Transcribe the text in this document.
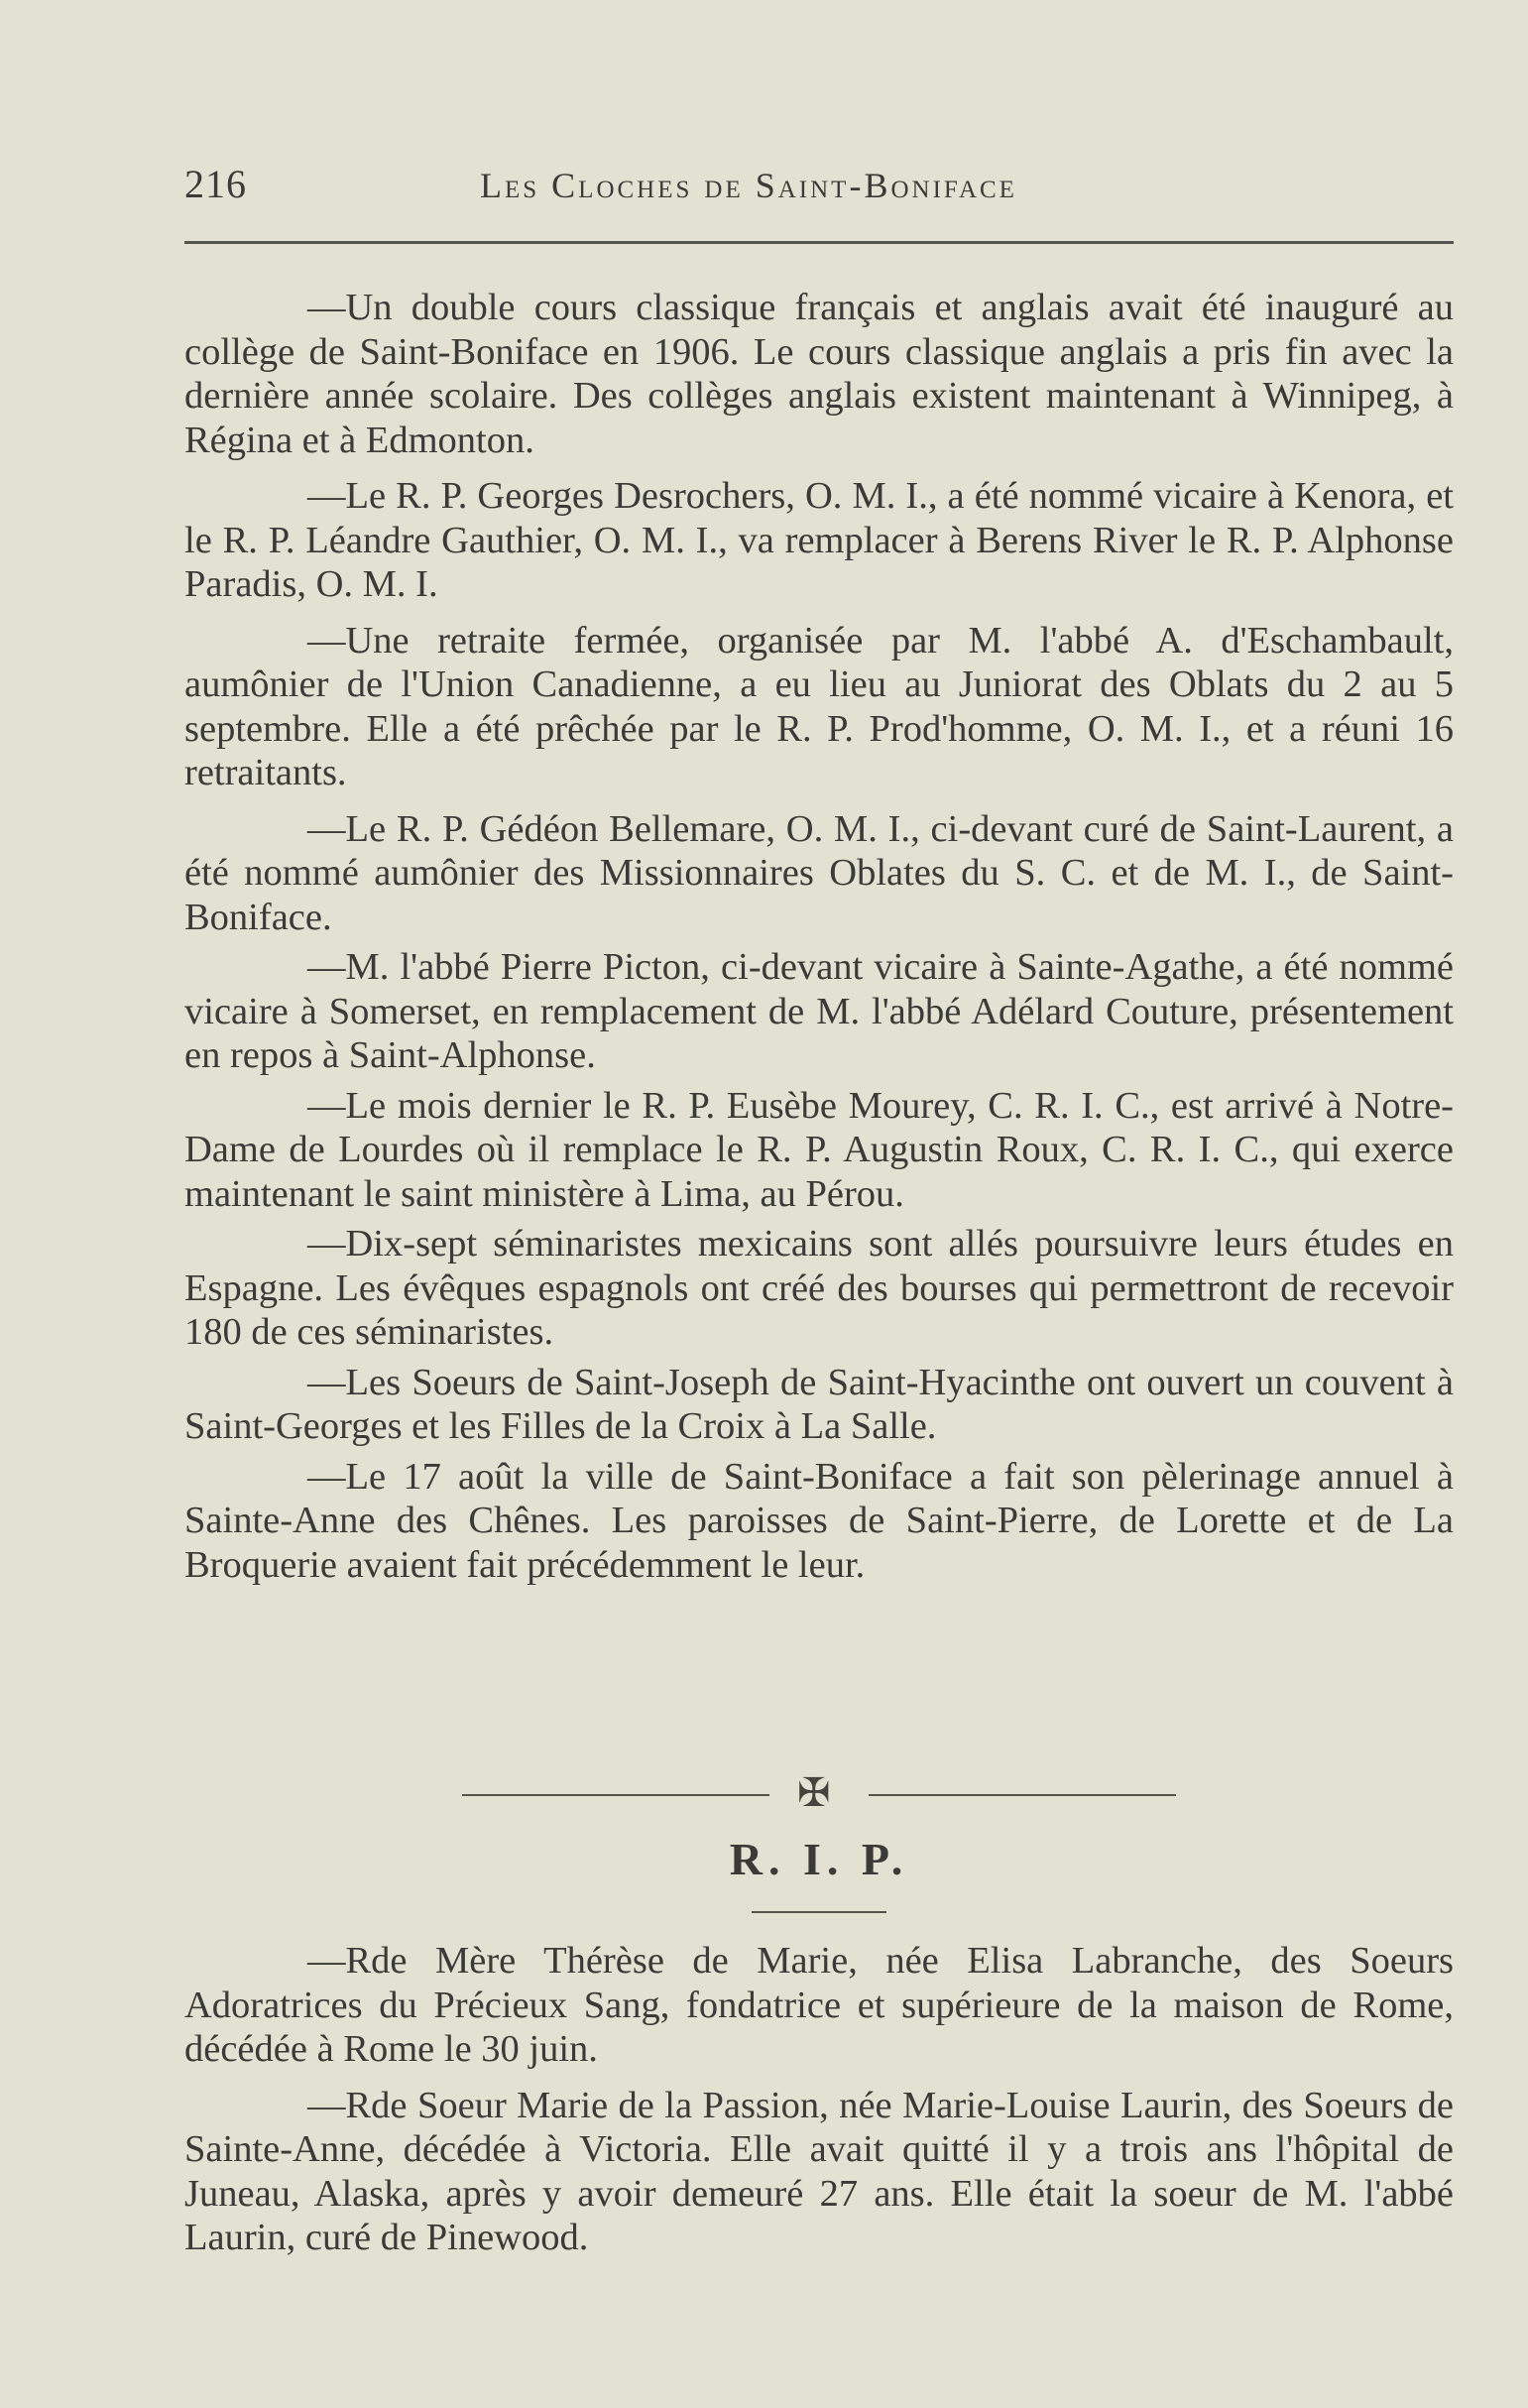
216	Les Cloches de Saint-Boniface

—Un double cours classique français et anglais avait été inauguré au collège de Saint-Boniface en 1906. Le cours classique anglais a pris fin avec la dernière année scolaire. Des collèges anglais existent maintenant à Winnipeg, à Régina et à Edmonton.

—Le R. P. Georges Desrochers, O. M. I., a été nommé vicaire à Kenora, et le R. P. Léandre Gauthier, O. M. I., va remplacer à Berens River le R. P. Alphonse Paradis, O. M. I.

—Une retraite fermée, organisée par M. l'abbé A. d'Eschambault, aumônier de l'Union Canadienne, a eu lieu au Juniorat des Oblats du 2 au 5 septembre. Elle a été prêchée par le R. P. Prod'homme, O. M. I., et a réuni 16 retraitants.

—Le R. P. Gédéon Bellemare, O. M. I., ci-devant curé de Saint-Laurent, a été nommé aumônier des Missionnaires Oblates du S. C. et de M. I., de Saint-Boniface.

—M. l'abbé Pierre Picton, ci-devant vicaire à Sainte-Agathe, a été nommé vicaire à Somerset, en remplacement de M. l'abbé Adélard Couture, présentement en repos à Saint-Alphonse.

—Le mois dernier le R. P. Eusèbe Mourey, C. R. I. C., est arrivé à Notre-Dame de Lourdes où il remplace le R. P. Augustin Roux, C. R. I. C., qui exerce maintenant le saint ministère à Lima, au Pérou.

—Dix-sept séminaristes mexicains sont allés poursuivre leurs études en Espagne. Les évêques espagnols ont créé des bourses qui permettront de recevoir 180 de ces séminaristes.

—Les Soeurs de Saint-Joseph de Saint-Hyacinthe ont ouvert un couvent à Saint-Georges et les Filles de la Croix à La Salle.

—Le 17 août la ville de Saint-Boniface a fait son pèlerinage annuel à Sainte-Anne des Chênes. Les paroisses de Saint-Pierre, de Lorette et de La Broquerie avaient fait précédemment le leur.

✠
R. I. P.

—Rde Mère Thérèse de Marie, née Elisa Labranche, des Soeurs Adoratrices du Précieux Sang, fondatrice et supérieure de la maison de Rome, décédée à Rome le 30 juin.

—Rde Soeur Marie de la Passion, née Marie-Louise Laurin, des Soeurs de Sainte-Anne, décédée à Victoria. Elle avait quitté il y a trois ans l'hôpital de Juneau, Alaska, après y avoir demeuré 27 ans. Elle était la soeur de M. l'abbé Laurin, curé de Pinewood.
